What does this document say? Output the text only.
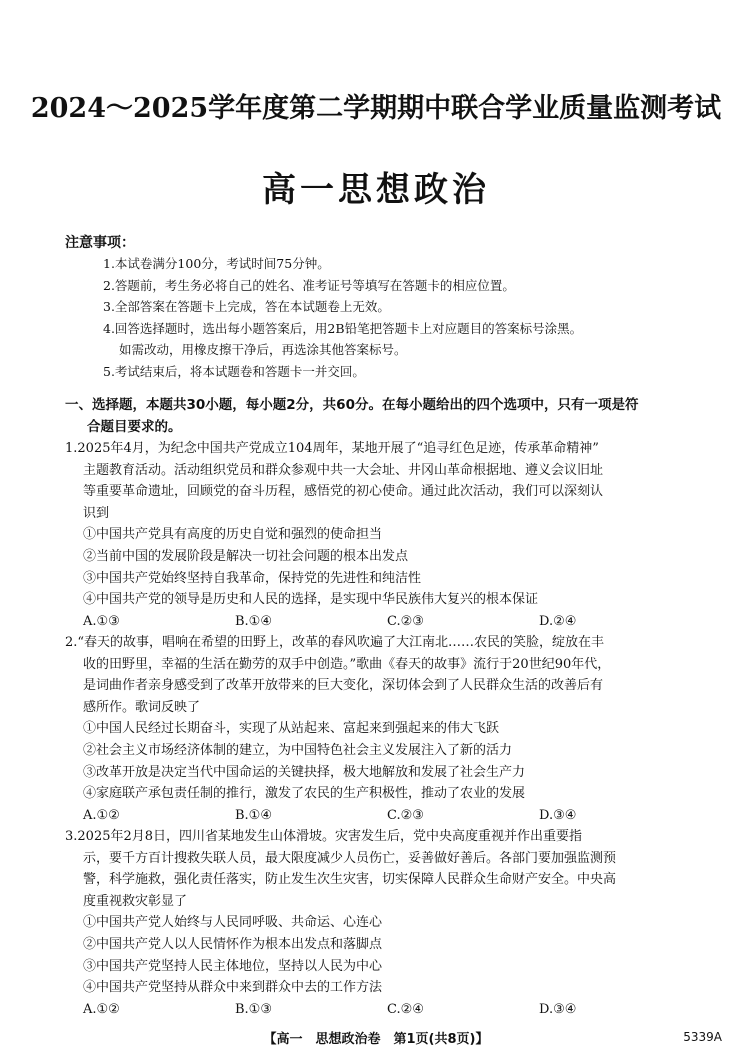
2024～2025学年度第二学期期中联合学业质量监测考试
高一思想政治
注意事项：
1.本试卷满分100分，考试时间75分钟。
2.答题前，考生务必将自己的姓名、准考证号等填写在答题卡的相应位置。
3.全部答案在答题卡上完成，答在本试题卷上无效。
4.回答选择题时，选出每小题答案后，用2B铅笔把答题卡上对应题目的答案标号涂黑。
如需改动，用橡皮擦干净后，再选涂其他答案标号。
5.考试结束后，将本试题卷和答题卡一并交回。
一、选择题，本题共30小题，每小题2分，共60分。在每小题给出的四个选项中，只有一项是符
合题目要求的。
1.2025年4月，为纪念中国共产党成立104周年，某地开展了“追寻红色足迹，传承革命精神”
主题教育活动。活动组织党员和群众参观中共一大会址、井冈山革命根据地、遵义会议旧址
等重要革命遗址，回顾党的奋斗历程，感悟党的初心使命。通过此次活动，我们可以深刻认
识到
①中国共产党具有高度的历史自觉和强烈的使命担当
②当前中国的发展阶段是解决一切社会问题的根本出发点
③中国共产党始终坚持自我革命，保持党的先进性和纯洁性
④中国共产党的领导是历史和人民的选择，是实现中华民族伟大复兴的根本保证
A.①③	B.①④	C.②③	D.②④
2.“春天的故事，唱响在希望的田野上，改革的春风吹遍了大江南北……农民的笑脸，绽放在丰
收的田野里，幸福的生活在勤劳的双手中创造。”歌曲《春天的故事》流行于20世纪90年代，
是词曲作者亲身感受到了改革开放带来的巨大变化，深切体会到了人民群众生活的改善后有
感所作。歌词反映了
①中国人民经过长期奋斗，实现了从站起来、富起来到强起来的伟大飞跃
②社会主义市场经济体制的建立，为中国特色社会主义发展注入了新的活力
③改革开放是决定当代中国命运的关键抉择，极大地解放和发展了社会生产力
④家庭联产承包责任制的推行，激发了农民的生产积极性，推动了农业的发展
A.①②	B.①④	C.②③	D.③④
3.2025年2月8日，四川省某地发生山体滑坡。灾害发生后，党中央高度重视并作出重要指
示，要千方百计搜救失联人员，最大限度减少人员伤亡，妥善做好善后。各部门要加强监测预
警，科学施救，强化责任落实，防止发生次生灾害，切实保障人民群众生命财产安全。中央高
度重视救灾彰显了
①中国共产党人始终与人民同呼吸、共命运、心连心
②中国共产党人以人民情怀作为根本出发点和落脚点
③中国共产党坚持人民主体地位，坚持以人民为中心
④中国共产党坚持从群众中来到群众中去的工作方法
A.①②	B.①③	C.②④	D.③④
【高一　思想政治卷　第1页(共8页)】	5339A
